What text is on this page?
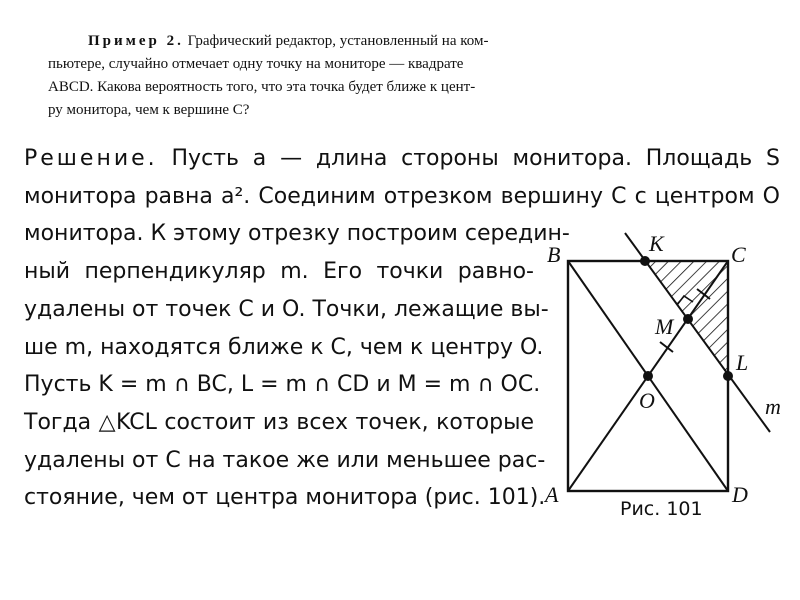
Пример 2. Графический редактор, установленный на ком-

пьютере, случайно отмечает одну точку на мониторе — квадрате
ABCD. Какова вероятность того, что эта точка будет ближе к цент-
ру монитора, чем к вершине C?
Решение. Пусть a — длина стороны монитора. Площадь S
монитора равна a². Соединим отрезком вершину C с центром O
монитора. К этому отрезку построим середин-
ный перпендикуляр m. Его точки равно-
удалены от точек C и O. Точки, лежащие вы-
ше m, находятся ближе к C, чем к центру O.
Пусть K = m ∩ BC, L = m ∩ CD и M = m ∩ OC.
Тогда △KCL состоит из всех точек, которые
удалены от C на такое же или меньшее рас-
стояние, чем от центра монитора (рис. 101).
B	K	C
M
L
O	m
A	D
Рис. 101
